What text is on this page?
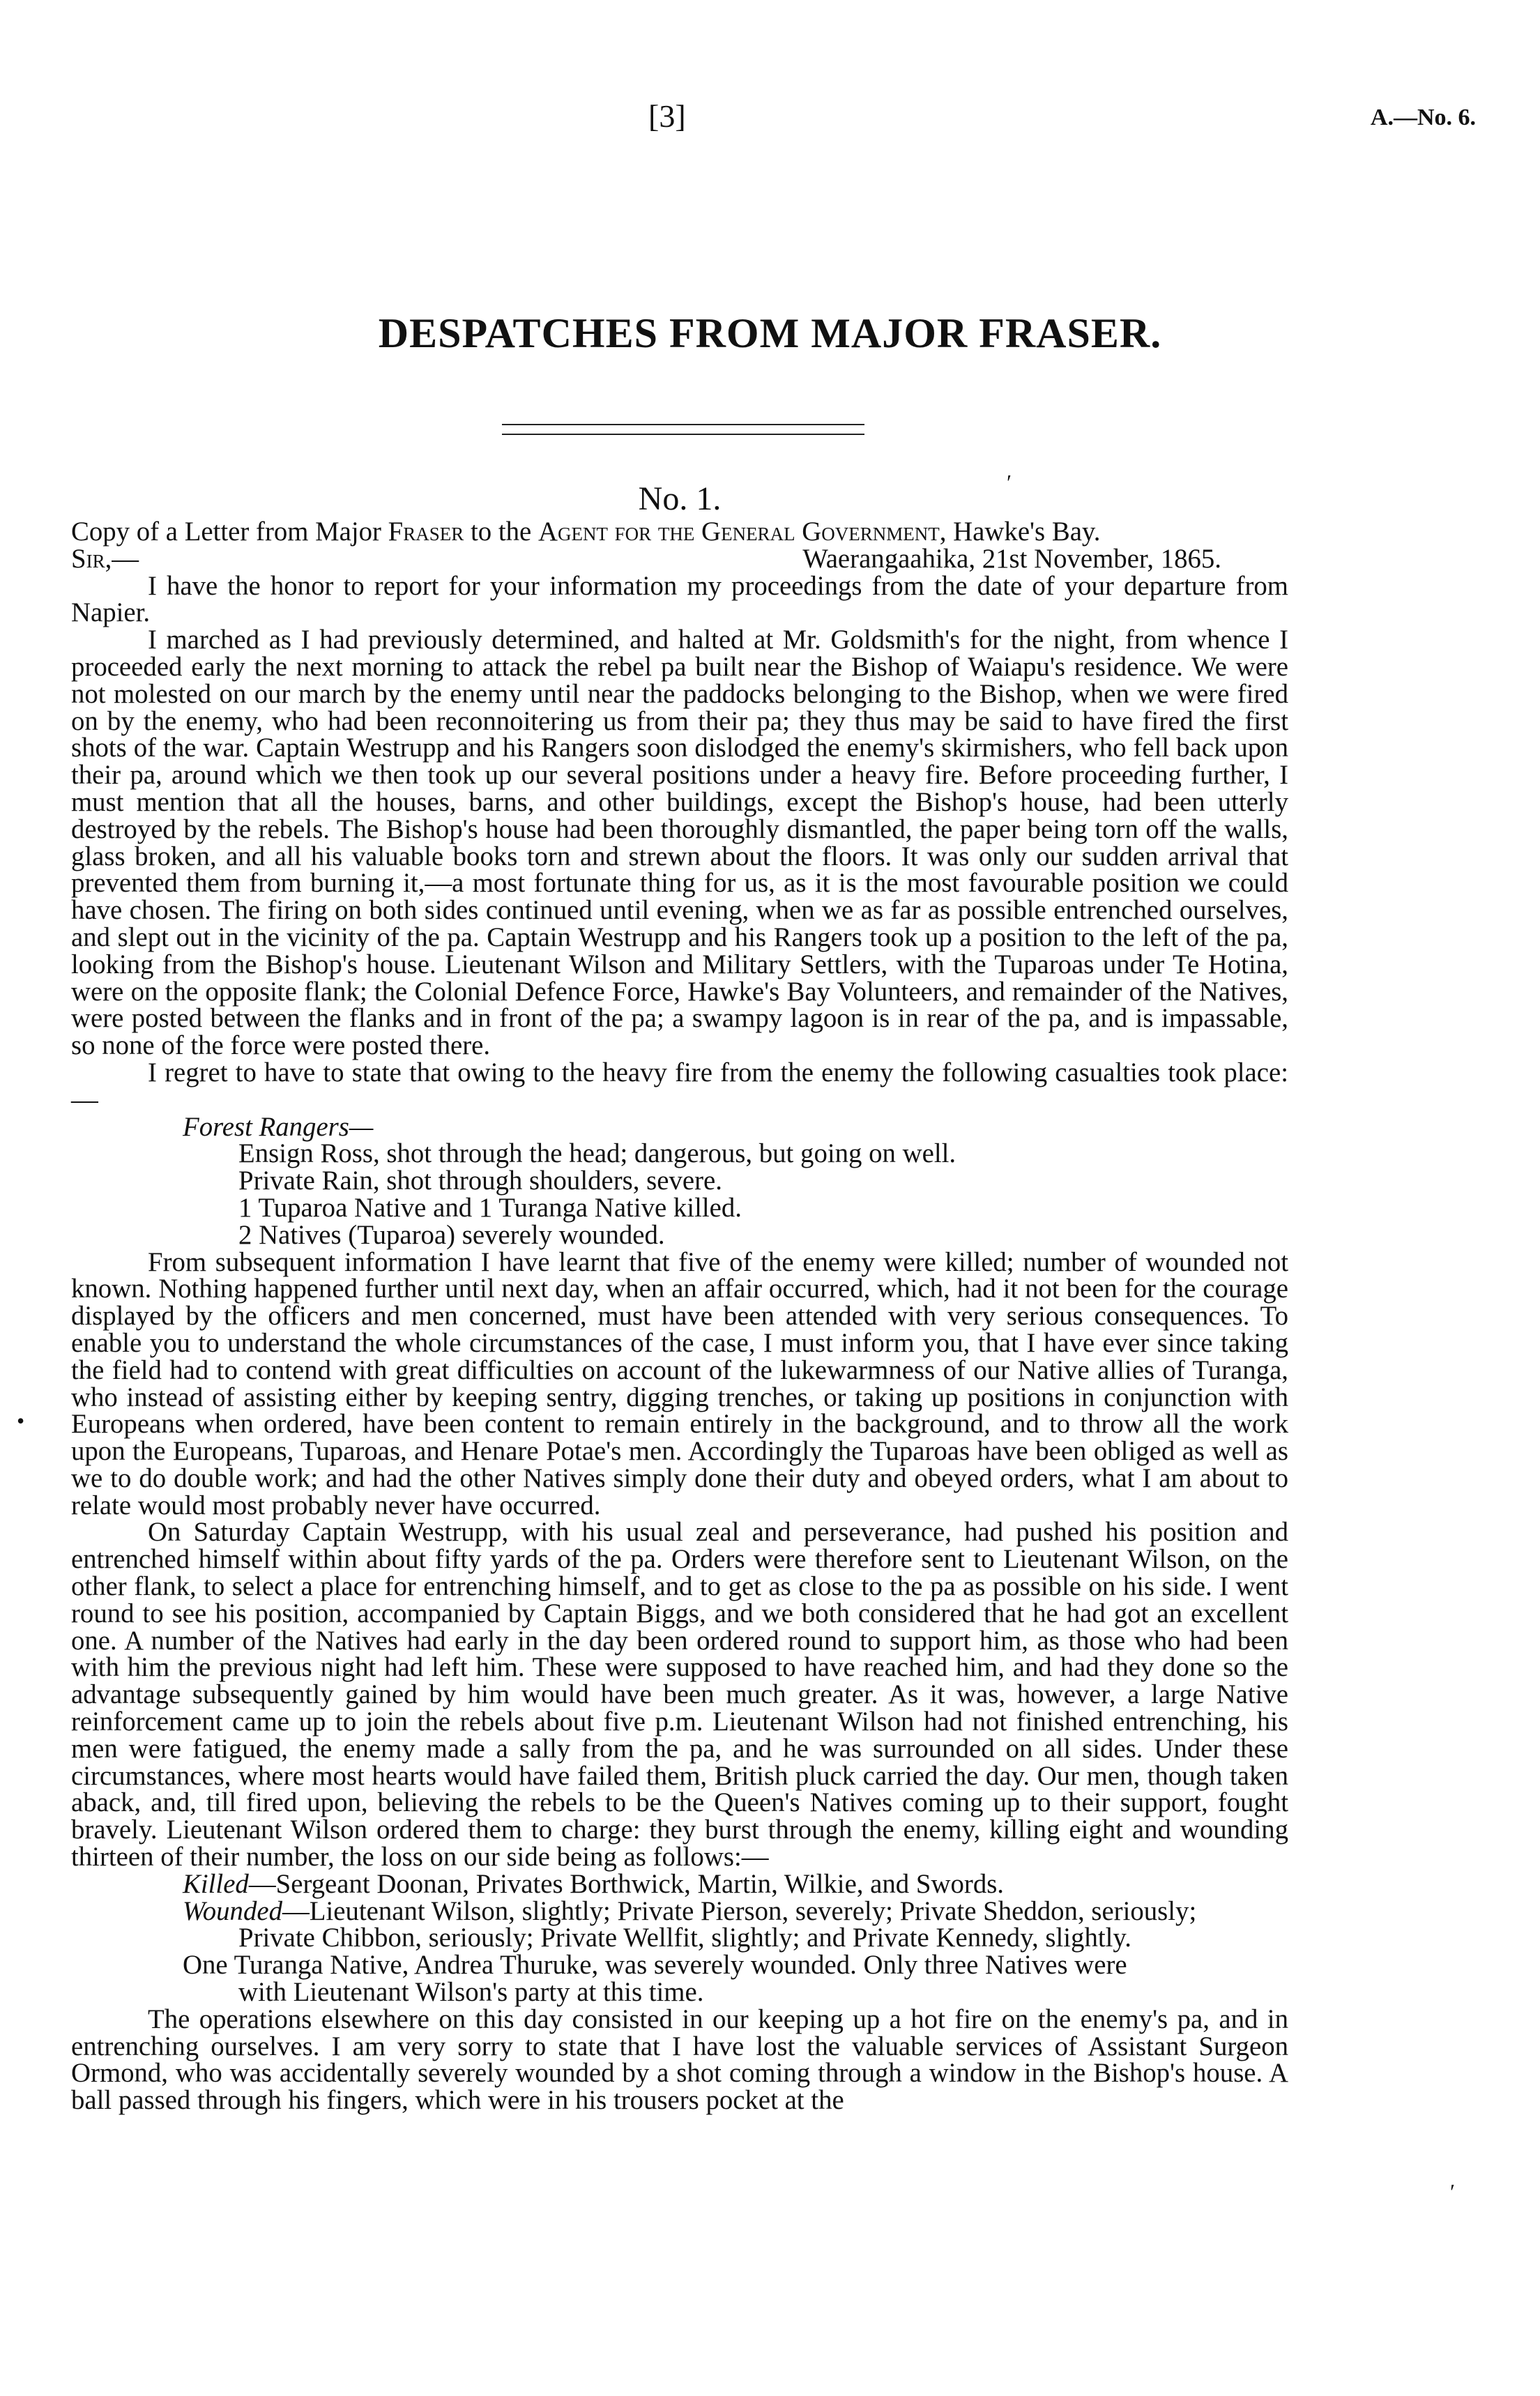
[3]	A.—No. 6.
DESPATCHES FROM MAJOR FRASER.

No. 1.

Copy of a Letter from Major Fraser to the Agent for the General Government, Hawke's Bay.

Sir,—	Waerangaahika, 21st November, 1865.

I have the honor to report for your information my proceedings from the date of your departure from Napier.

I marched as I had previously determined, and halted at Mr. Goldsmith's for the night, from whence I proceeded early the next morning to attack the rebel pa built near the Bishop of Waiapu's residence. We were not molested on our march by the enemy until near the paddocks belonging to the Bishop, when we were fired on by the enemy, who had been reconnoitering us from their pa; they thus may be said to have fired the first shots of the war. Captain Westrupp and his Rangers soon dislodged the enemy's skirmishers, who fell back upon their pa, around which we then took up our several positions under a heavy fire. Before proceeding further, I must mention that all the houses, barns, and other buildings, except the Bishop's house, had been utterly destroyed by the rebels. The Bishop's house had been thoroughly dismantled, the paper being torn off the walls, glass broken, and all his valuable books torn and strewn about the floors. It was only our sudden arrival that prevented them from burning it,—a most fortunate thing for us, as it is the most favourable position we could have chosen. The firing on both sides continued until evening, when we as far as possible entrenched ourselves, and slept out in the vicinity of the pa. Captain Westrupp and his Rangers took up a position to the left of the pa, looking from the Bishop's house. Lieutenant Wilson and Military Settlers, with the Tuparoas under Te Hotina, were on the opposite flank; the Colonial Defence Force, Hawke's Bay Volunteers, and remainder of the Natives, were posted between the flanks and in front of the pa; a swampy lagoon is in rear of the pa, and is impassable, so none of the force were posted there.

I regret to have to state that owing to the heavy fire from the enemy the following casualties took place:—

Forest Rangers—

Ensign Ross, shot through the head; dangerous, but going on well.
Private Rain, shot through shoulders, severe.
1 Tuparoa Native and 1 Turanga Native killed.
2 Natives (Tuparoa) severely wounded.

From subsequent information I have learnt that five of the enemy were killed; number of wounded not known. Nothing happened further until next day, when an affair occurred, which, had it not been for the courage displayed by the officers and men concerned, must have been attended with very serious consequences. To enable you to understand the whole circumstances of the case, I must inform you, that I have ever since taking the field had to contend with great difficulties on account of the lukewarmness of our Native allies of Turanga, who instead of assisting either by keeping sentry, digging trenches, or taking up positions in conjunction with Europeans when ordered, have been content to remain entirely in the background, and to throw all the work upon the Europeans, Tuparoas, and Henare Potae's men. Accordingly the Tuparoas have been obliged as well as we to do double work; and had the other Natives simply done their duty and obeyed orders, what I am about to relate would most probably never have occurred.

On Saturday Captain Westrupp, with his usual zeal and perseverance, had pushed his position and entrenched himself within about fifty yards of the pa. Orders were therefore sent to Lieutenant Wilson, on the other flank, to select a place for entrenching himself, and to get as close to the pa as possible on his side. I went round to see his position, accompanied by Captain Biggs, and we both considered that he had got an excellent one. A number of the Natives had early in the day been ordered round to support him, as those who had been with him the previous night had left him. These were supposed to have reached him, and had they done so the advantage subsequently gained by him would have been much greater. As it was, however, a large Native reinforcement came up to join the rebels about five p.m. Lieutenant Wilson had not finished entrenching, his men were fatigued, the enemy made a sally from the pa, and he was surrounded on all sides. Under these circumstances, where most hearts would have failed them, British pluck carried the day. Our men, though taken aback, and, till fired upon, believing the rebels to be the Queen's Natives coming up to their support, fought bravely. Lieutenant Wilson ordered them to charge: they burst through the enemy, killing eight and wounding thirteen of their number, the loss on our side being as follows:—

Killed—Sergeant Doonan, Privates Borthwick, Martin, Wilkie, and Swords.
Wounded—Lieutenant Wilson, slightly; Private Pierson, severely; Private Sheddon, seriously;
Private Chibbon, seriously; Private Wellfit, slightly; and Private Kennedy, slightly.
One Turanga Native, Andrea Thuruke, was severely wounded. Only three Natives were
with Lieutenant Wilson's party at this time.

The operations elsewhere on this day consisted in our keeping up a hot fire on the enemy's pa, and in entrenching ourselves. I am very sorry to state that I have lost the valuable services of Assistant Surgeon Ormond, who was accidentally severely wounded by a shot coming through a window in the Bishop's house. A ball passed through his fingers, which were in his trousers pocket at the

′
•
′
